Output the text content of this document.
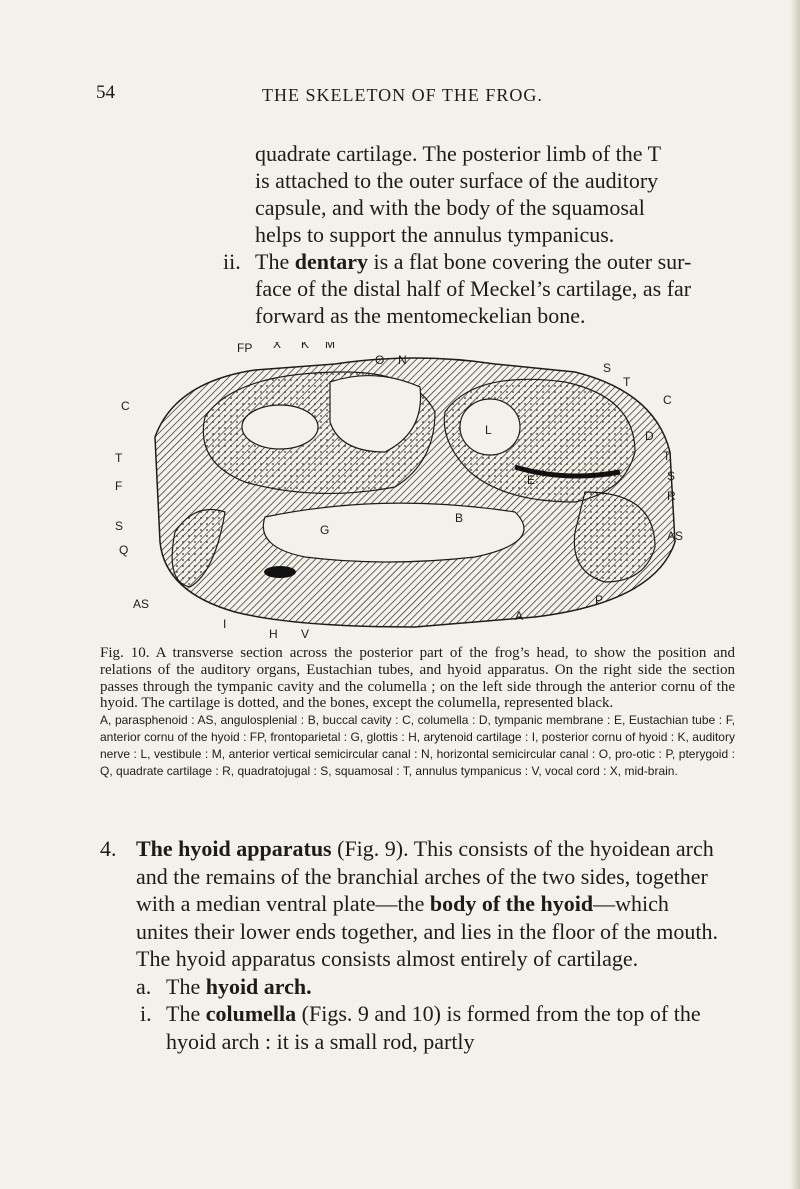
54	THE SKELETON OF THE FROG.
quadrate cartilage. The posterior limb of the T
is attached to the outer surface of the auditory
capsule, and with the body of the squamosal
helps to support the annulus tympanicus.
ii. The dentary is a flat bone covering the outer sur-
face of the distal half of Meckel’s cartilage, as far
forward as the mentomeckelian bone.
FP X K M
O N
C
T
F
S
Q
AS
I
H V
A
P
G
B
L
E
S
T
C
D
T
S
R
AS
Fig. 10. A transverse section across the posterior part of the frog’s head, to show the position and relations of the auditory organs, Eustachian tubes, and hyoid apparatus. On the right side the section passes through the tympanic cavity and the columella ; on the left side through the anterior cornu of the hyoid. The cartilage is dotted, and the bones, except the columella, represented black.
A, parasphenoid : AS, angulosplenial : B, buccal cavity : C, columella : D, tympanic membrane : E, Eustachian tube : F, anterior cornu of the hyoid : FP, frontoparietal : G, glottis : H, arytenoid cartilage : I, posterior cornu of hyoid : K, auditory nerve : L, vestibule : M, anterior vertical semicircular canal : N, horizontal semicircular canal : O, pro-otic : P, pterygoid : Q, quadrate cartilage : R, quadratojugal : S, squamosal : T, annulus tympanicus : V, vocal cord : X, mid-brain.
4. The hyoid apparatus (Fig. 9). This consists of the hyoidean arch and the remains of the branchial arches of the two sides, together with a median ventral plate—the body of the hyoid—which unites their lower ends together, and lies in the floor of the mouth. The hyoid apparatus consists almost entirely of cartilage.
a. The hyoid arch.
i. The columella (Figs. 9 and 10) is formed from the top of the hyoid arch : it is a small rod, partly
